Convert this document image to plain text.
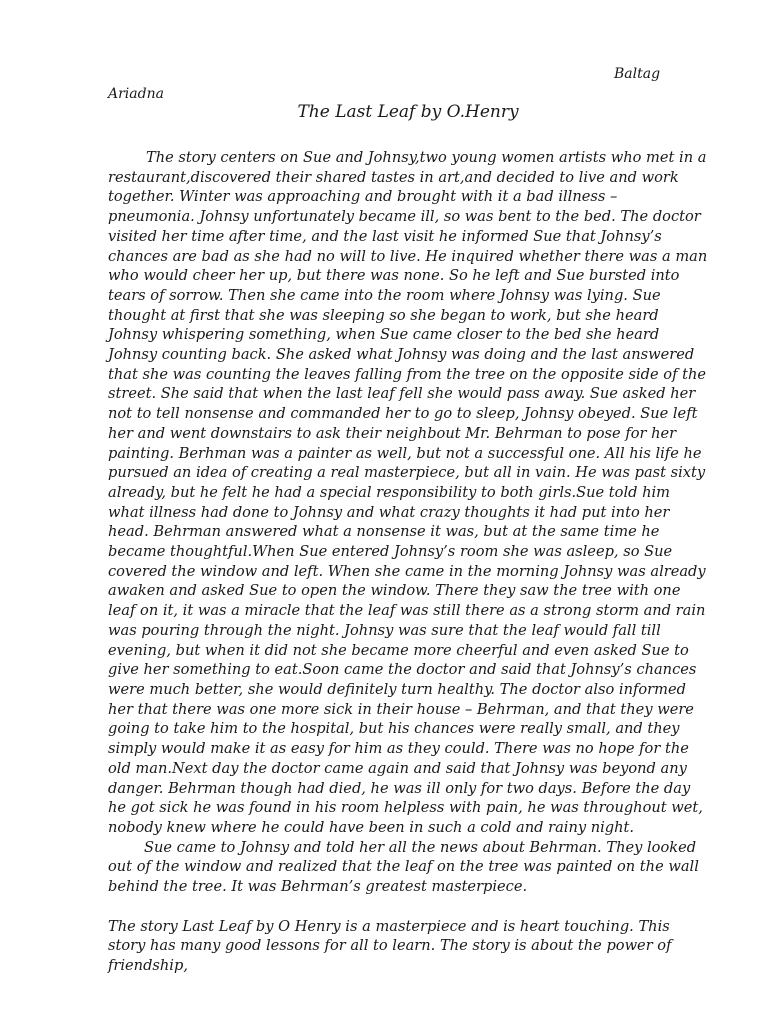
Baltag
Ariadna
The Last Leaf by O.Henry

The story centers on Sue and Johnsy,two young women artists who met in a restaurant,discovered their shared tastes in art,and decided to live and work together. Winter was approaching and brought with it a bad illness – pneumonia. Johnsy unfortunately became ill, so was bent to the bed. The doctor visited her time after time, and the last visit he informed Sue that Johnsy’s chances are bad as she had no will to live. He inquired whether there was a man who would cheer her up, but there was none. So he left and Sue bursted into tears of sorrow. Then she came into the room where Johnsy was lying. Sue thought at first that she was sleeping so she began to work, but she heard Johnsy whispering something, when Sue came closer to the bed she heard Johnsy counting back. She asked what Johnsy was doing and the last answered that she was counting the leaves falling from the tree on the opposite side of the street. She said that when the last leaf fell she would pass away. Sue asked her not to tell nonsense and commanded her to go to sleep, Johnsy obeyed. Sue left her and went downstairs to ask their neighbout Mr. Behrman to pose for her painting. Berhman was a painter as well, but not a successful one. All his life he pursued an idea of creating a real masterpiece, but all in vain. He was past sixty already, but he felt he had a special responsibility to both girls.Sue told him what illness had done to Johnsy and what crazy thoughts it had put into her head. Behrman answered what a nonsense it was, but at the same time he became thoughtful.When Sue entered Johnsy’s room she was asleep, so Sue covered the window and left. When she came in the morning Johnsy was already awaken and asked Sue to open the window. There they saw the tree with one leaf on it, it was a miracle that the leaf was still there as a strong storm and rain was pouring through the night. Johnsy was sure that the leaf would fall till evening, but when it did not she became more cheerful and even asked Sue to give her something to eat.Soon came the doctor and said that Johnsy’s chances were much better, she would definitely turn healthy. The doctor also informed her that there was one more sick in their house – Behrman, and that they were going to take him to the hospital, but his chances were really small, and they simply would make it as easy for him as they could. There was no hope for the old man.Next day the doctor came again and said that Johnsy was beyond any danger. Behrman though had died, he was ill only for two days. Before the day he got sick he was found in his room helpless with pain, he was throughout wet, nobody knew where he could have been in such a cold and rainy night.

Sue came to Johnsy and told her all the news about Behrman. They looked out of the window and realized that the leaf on the tree was painted on the wall behind the tree. It was Behrman’s greatest masterpiece.

The story Last Leaf by O Henry is a masterpiece and is heart touching. This story has many good lessons for all to learn. The story is about the power of friendship,
